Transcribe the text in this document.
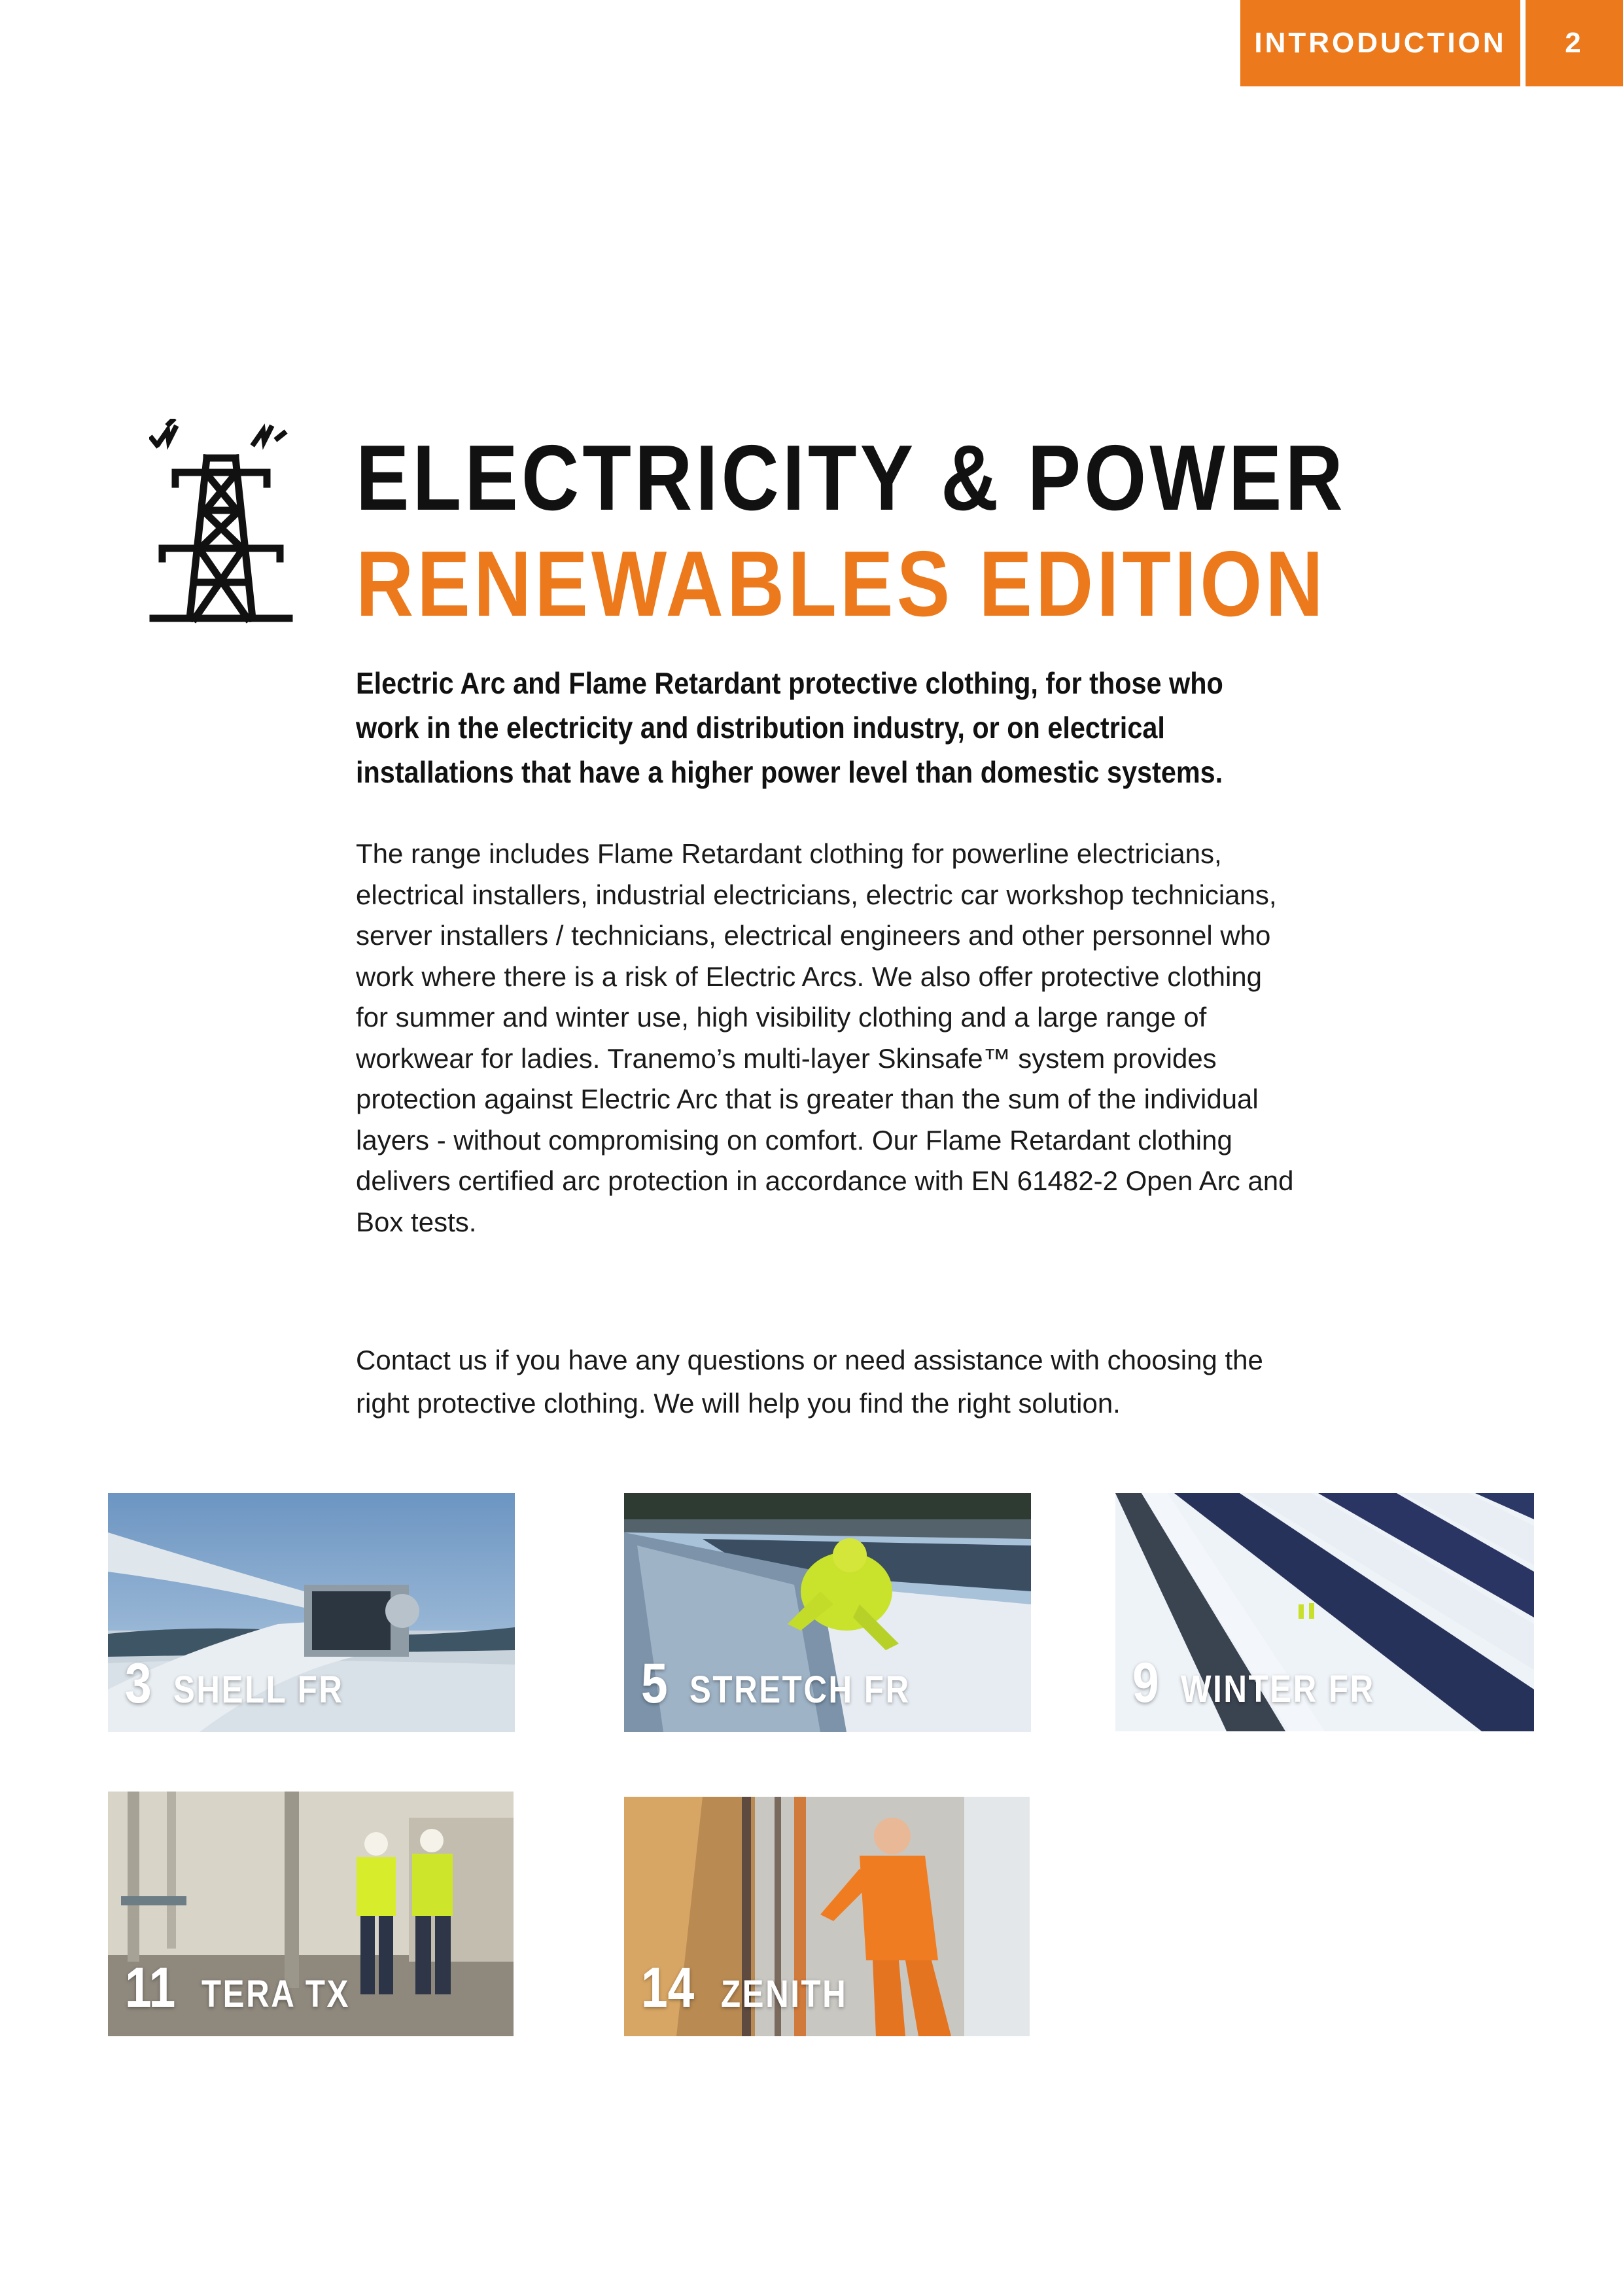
INTRODUCTION 2
ELECTRICITY & POWER
RENEWABLES EDITION

Electric Arc and Flame Retardant protective clothing, for those who work in the electricity and distribution industry, or on electrical installations that have a higher power level than domestic systems.

The range includes Flame Retardant clothing for powerline electricians, electrical installers, industrial electricians, electric car workshop technicians, server installers / technicians, electrical engineers and other personnel who work where there is a risk of Electric Arcs. We also offer protective clothing for summer and winter use, high visibility clothing and a large range of workwear for ladies. Tranemo’s multi-layer Skinsafe™ system provides protection against Electric Arc that is greater than the sum of the individual layers - without compromising on comfort. Our Flame Retardant clothing delivers certified arc protection in accordance with EN 61482-2 Open Arc and Box tests.

Contact us if you have any questions or need assistance with choosing the right protective clothing. We will help you find the right solution.

3 SHELL FR	5 STRETCH FR	9 WINTER FR
11 TERA TX	14 ZENITH
